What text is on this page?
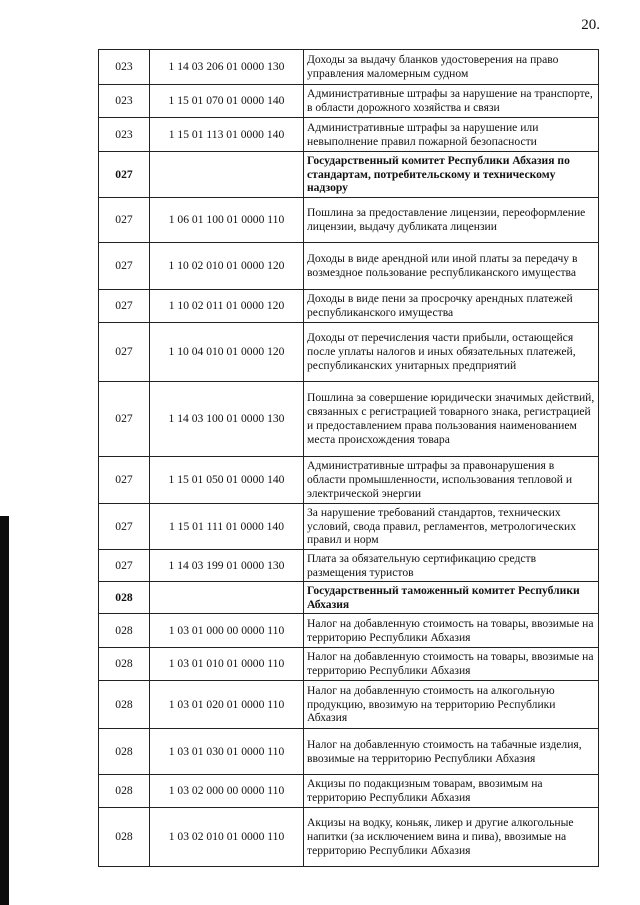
20.
023	1 14 03 206 01 0000 130	Доходы за выдачу бланков удостоверения на право управления маломерным судном
023	1 15 01 070 01 0000 140	Административные штрафы за нарушение на транспорте, в области дорожного хозяйства и связи
023	1 15 01 113 01 0000 140	Административные штрафы за нарушение или невыполнение правил пожарной безопасности
027		Государственный комитет Республики Абхазия по стандартам, потребительскому и техническому надзору
027	1 06 01 100 01 0000 110	Пошлина за предоставление лицензии, переоформление лицензии, выдачу дубликата лицензии
027	1 10 02 010 01 0000 120	Доходы в виде арендной или иной платы за передачу в возмездное пользование республиканского имущества
027	1 10 02 011 01 0000 120	Доходы в виде пени за просрочку арендных платежей республиканского имущества
027	1 10 04 010 01 0000 120	Доходы от перечисления части прибыли, остающейся после уплаты налогов и иных обязательных платежей, республиканских унитарных предприятий
027	1 14 03 100 01 0000 130	Пошлина за совершение юридически значимых действий, связанных с регистрацией товарного знака, регистрацией и предоставлением права пользования наименованием места происхождения товара
027	1 15 01 050 01 0000 140	Административные штрафы за правонарушения в области промышленности, использования тепловой и электрической энергии
027	1 15 01 111 01 0000 140	За нарушение требований стандартов, технических условий, свода правил, регламентов, метрологических правил и норм
027	1 14 03 199 01 0000 130	Плата за обязательную сертификацию средств размещения туристов
028		Государственный таможенный комитет Республики Абхазия
028	1 03 01 000 00 0000 110	Налог на добавленную стоимость на товары, ввозимые на территорию Республики Абхазия
028	1 03 01 010 01 0000 110	Налог на добавленную стоимость на товары, ввозимые на территорию Республики Абхазия
028	1 03 01 020 01 0000 110	Налог на добавленную стоимость на алкогольную продукцию, ввозимую на территорию Республики Абхазия
028	1 03 01 030 01 0000 110	Налог на добавленную стоимость на табачные изделия, ввозимые на территорию Республики Абхазия
028	1 03 02 000 00 0000 110	Акцизы по подакцизным товарам, ввозимым на территорию Республики Абхазия
028	1 03 02 010 01 0000 110	Акцизы на водку, коньяк, ликер и другие алкогольные напитки (за исключением вина и пива), ввозимые на территорию Республики Абхазия
